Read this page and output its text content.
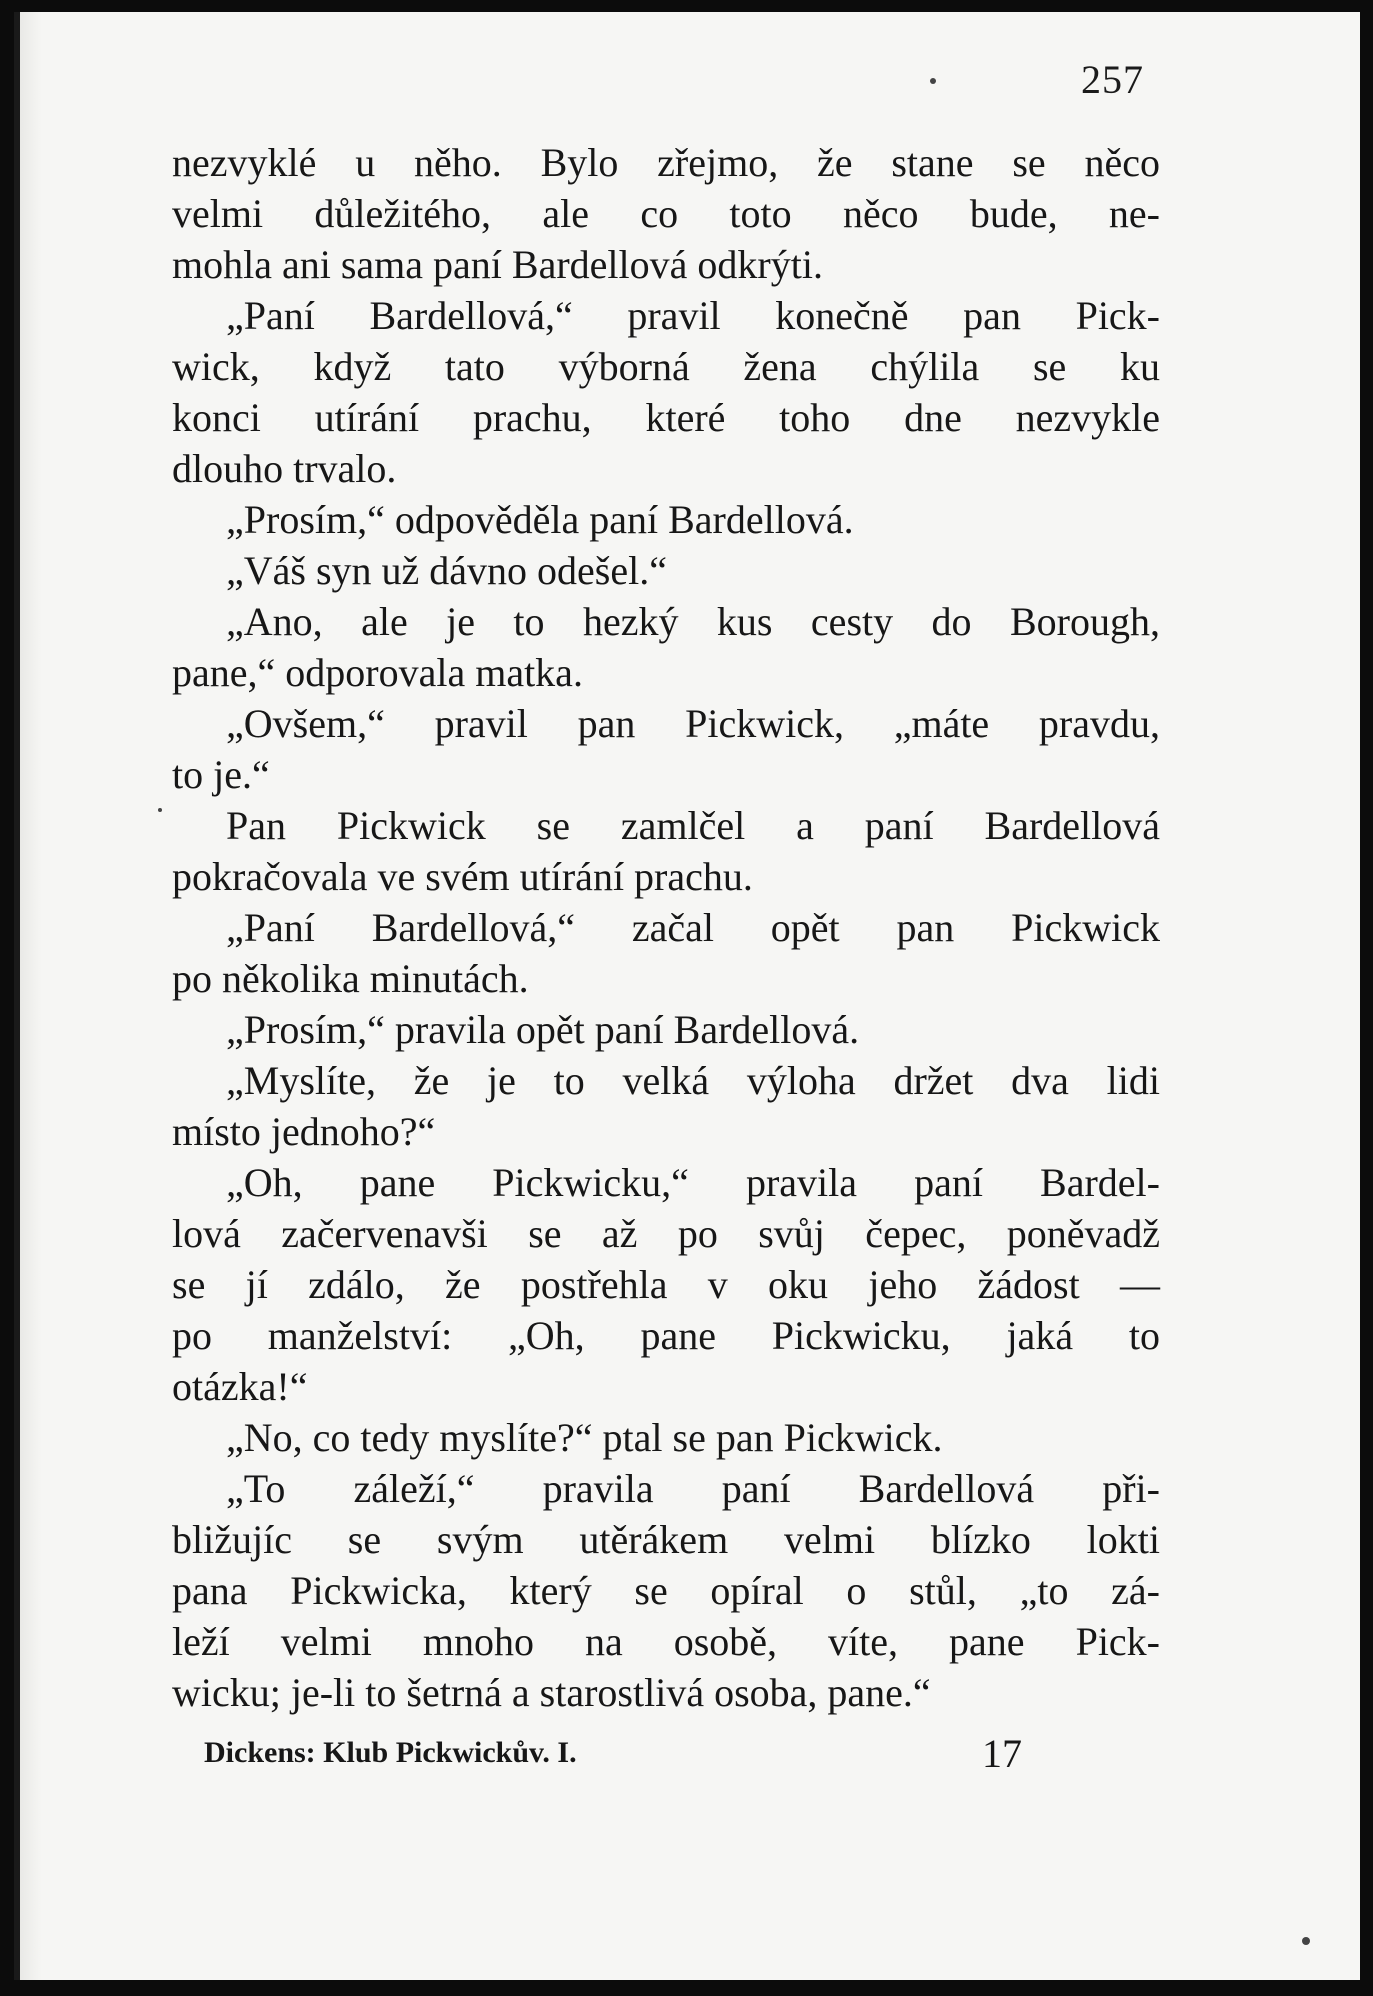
257
nezvyklé u něho. Bylo zřejmo, že stane se něco
velmi důležitého, ale co toto něco bude, ne-
mohla ani sama paní Bardellová odkrýti.
„Paní Bardellová,“ pravil konečně pan Pick-
wick, když tato výborná žena chýlila se ku
konci utírání prachu, které toho dne nezvykle
dlouho trvalo.
„Prosím,“ odpověděla paní Bardellová.
„Váš syn už dávno odešel.“
„Ano, ale je to hezký kus cesty do Borough,
pane,“ odporovala matka.
„Ovšem,“ pravil pan Pickwick, „máte pravdu,
to je.“
Pan Pickwick se zamlčel a paní Bardellová
pokračovala ve svém utírání prachu.
„Paní Bardellová,“ začal opět pan Pickwick
po několika minutách.
„Prosím,“ pravila opět paní Bardellová.
„Myslíte, že je to velká výloha držet dva lidi
místo jednoho?“
„Oh, pane Pickwicku,“ pravila paní Bardel-
lová začervenavši se až po svůj čepec, poněvadž
se jí zdálo, že postřehla v oku jeho žádost —
po manželství: „Oh, pane Pickwicku, jaká to
otázka!“
„No, co tedy myslíte?“ ptal se pan Pickwick.
„To záleží,“ pravila paní Bardellová při-
bližujíc se svým utěrákem velmi blízko lokti
pana Pickwicka, který se opíral o stůl, „to zá-
leží velmi mnoho na osobě, víte, pane Pick-
wicku; je-li to šetrná a starostlivá osoba, pane.“
Dickens: Klub Pickwickův. I.	17
